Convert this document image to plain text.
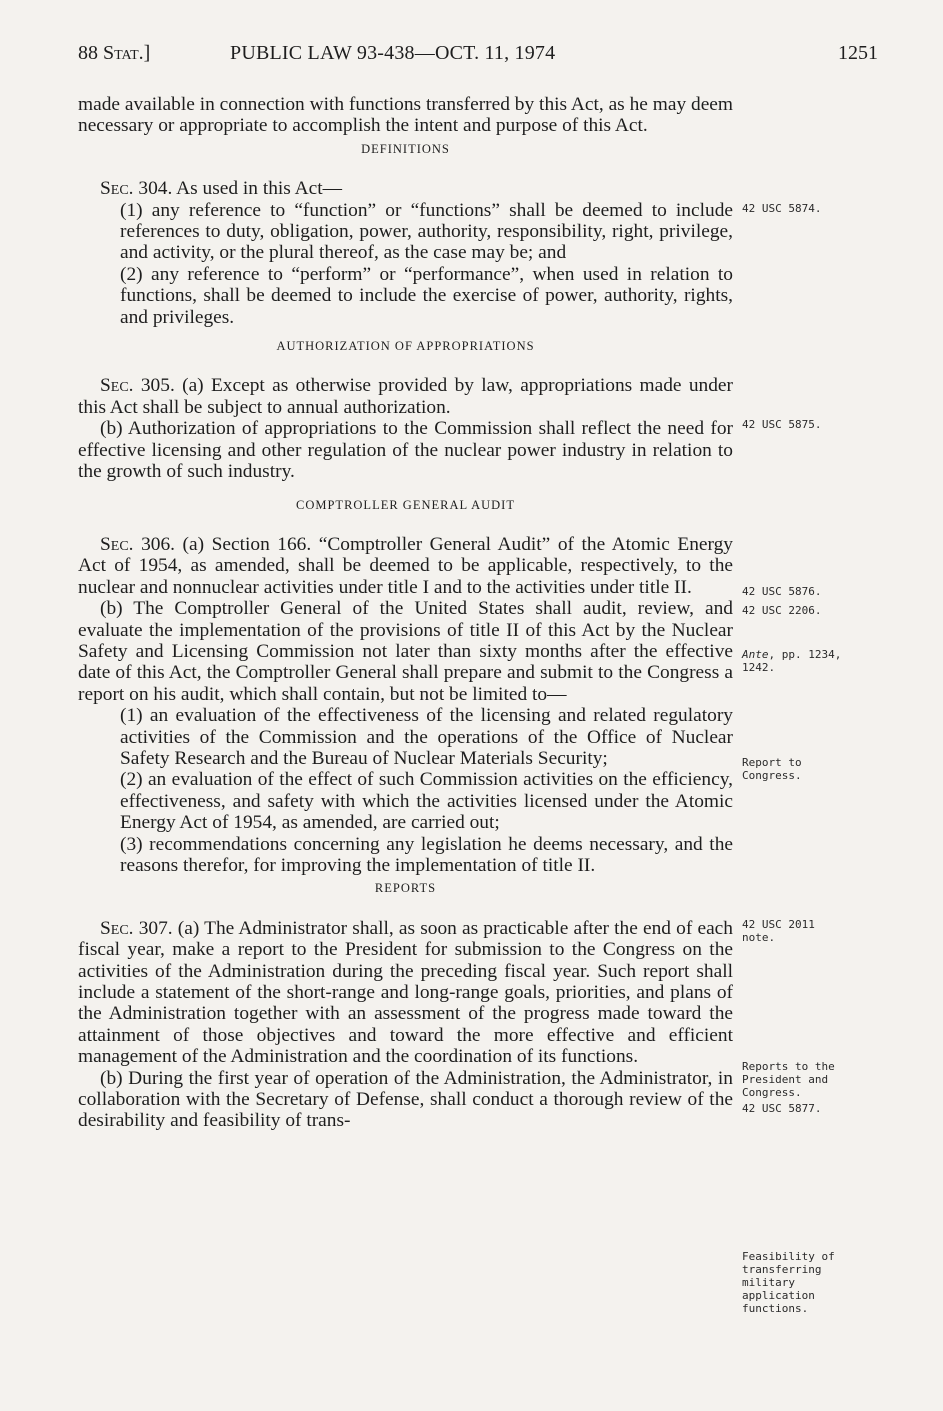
88 Stat.]	PUBLIC LAW 93-438—OCT. 11, 1974	1251

made available in connection with functions transferred by this Act, as he may deem necessary or appropriate to accomplish the intent and purpose of this Act.

DEFINITIONS

Sec. 304. As used in this Act—

(1) any reference to “function” or “functions” shall be deemed to include references to duty, obligation, power, authority, responsibility, right, privilege, and activity, or the plural thereof, as the case may be; and

(2) any reference to “perform” or “performance”, when used in relation to functions, shall be deemed to include the exercise of power, authority, rights, and privileges.

AUTHORIZATION OF APPROPRIATIONS

Sec. 305. (a) Except as otherwise provided by law, appropriations made under this Act shall be subject to annual authorization.

(b) Authorization of appropriations to the Commission shall reflect the need for effective licensing and other regulation of the nuclear power industry in relation to the growth of such industry.

COMPTROLLER GENERAL AUDIT

Sec. 306. (a) Section 166. “Comptroller General Audit” of the Atomic Energy Act of 1954, as amended, shall be deemed to be applicable, respectively, to the nuclear and nonnuclear activities under title I and to the activities under title II.

(b) The Comptroller General of the United States shall audit, review, and evaluate the implementation of the provisions of title II of this Act by the Nuclear Safety and Licensing Commission not later than sixty months after the effective date of this Act, the Comptroller General shall prepare and submit to the Congress a report on his audit, which shall contain, but not be limited to—

(1) an evaluation of the effectiveness of the licensing and related regulatory activities of the Commission and the operations of the Office of Nuclear Safety Research and the Bureau of Nuclear Materials Security;

(2) an evaluation of the effect of such Commission activities on the efficiency, effectiveness, and safety with which the activities licensed under the Atomic Energy Act of 1954, as amended, are carried out;

(3) recommendations concerning any legislation he deems necessary, and the reasons therefor, for improving the implementation of title II.

REPORTS

Sec. 307. (a) The Administrator shall, as soon as practicable after the end of each fiscal year, make a report to the President for submission to the Congress on the activities of the Administration during the preceding fiscal year. Such report shall include a statement of the short-range and long-range goals, priorities, and plans of the Administration together with an assessment of the progress made toward the attainment of those objectives and toward the more effective and efficient management of the Administration and the coordination of its functions.

(b) During the first year of operation of the Administration, the Administrator, in collaboration with the Secretary of Defense, shall conduct a thorough review of the desirability and feasibility of trans-

42 USC 5874.
42 USC 5875.
42 USC 5876.
42 USC 2206.
Ante, pp. 1234, 1242.
Report to Congress.
42 USC 2011 note.
Reports to the President and Congress.
42 USC 5877.
Feasibility of transferring military application functions.
